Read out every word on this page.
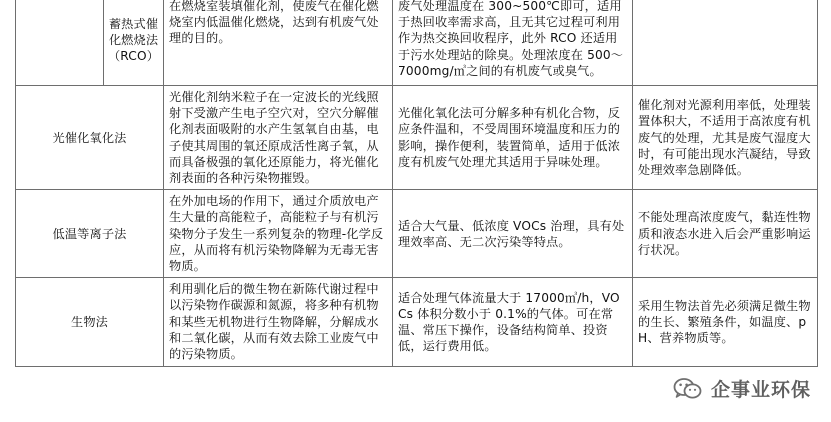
	蓄热式催化燃烧法（RCO）	在燃烧室装填催化剂，使废气在催化燃烧室内低温催化燃烧，达到有机废气处理的目的。	废气处理温度在 300~500℃即可，适用于热回收率需求高，且无其它过程可利用作为热交换回收程序，此外 RCO 还适用于污水处理站的除臭。处理浓度在 500～7000mg/㎥之间的有机废气或臭气。	
光催化氧化法		光催化剂纳米粒子在一定波长的光线照射下受激产生电子空穴对，空穴分解催化剂表面吸附的水产生氢氧自由基，电子使其周围的氧还原成活性离子氧，从而具备极强的氧化还原能力，将光催化剂表面的各种污染物摧毁。	光催化氧化法可分解多种有机化合物，反应条件温和，不受周围环境温度和压力的影响，操作便利，装置简单，适用于低浓度有机废气处理尤其适用于异味处理。	催化剂对光源利用率低，处理装置体积大，不适用于高浓度有机废气的处理，尤其是废气湿度大时，有可能出现水汽凝结，导致处理效率急剧降低。
低温等离子法		在外加电场的作用下，通过介质放电产生大量的高能粒子，高能粒子与有机污染物分子发生一系列复杂的物理-化学反应，从而将有机污染物降解为无毒无害物质。	适合大气量、低浓度 VOCs 治理，具有处理效率高、无二次污染等特点。	不能处理高浓度废气，黏连性物质和液态水进入后会严重影响运行状况。
生物法		利用驯化后的微生物在新陈代谢过程中以污染物作碳源和氮源，将多种有机物和某些无机物进行生物降解，分解成水和二氧化碳，从而有效去除工业废气中的污染物质。	适合处理气体流量大于 17000㎥/h，VOCs 体积分数小于 0.1%的气体。可在常温、常压下操作，设备结构简单、投资低，运行费用低。	采用生物法首先必须满足微生物的生长、繁殖条件，如温度、pH、营养物质等。
企事业环保
